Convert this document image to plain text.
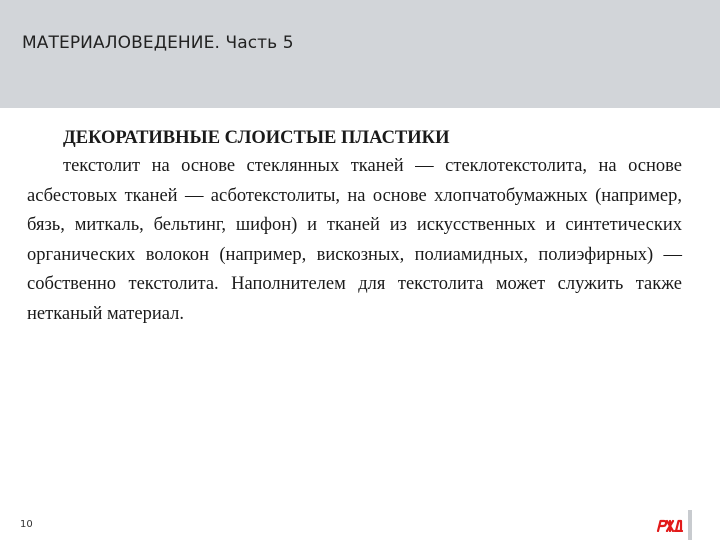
МАТЕРИАЛОВЕДЕНИЕ. Часть 5

ДЕКОРАТИВНЫЕ СЛОИСТЫЕ ПЛАСТИКИ

текстолит на основе стеклянных тканей — стеклотекстолита, на основе асбестовых тканей — асботекстолиты, на основе хлопчатобумажных (например, бязь, миткаль, бельтинг, шифон) и тканей из искусственных и синтетических органических волокон (например, вискозных, полиамидных, полиэфирных) — собственно текстолита. Наполнителем для текстолита может служить также нетканый материал.

10
